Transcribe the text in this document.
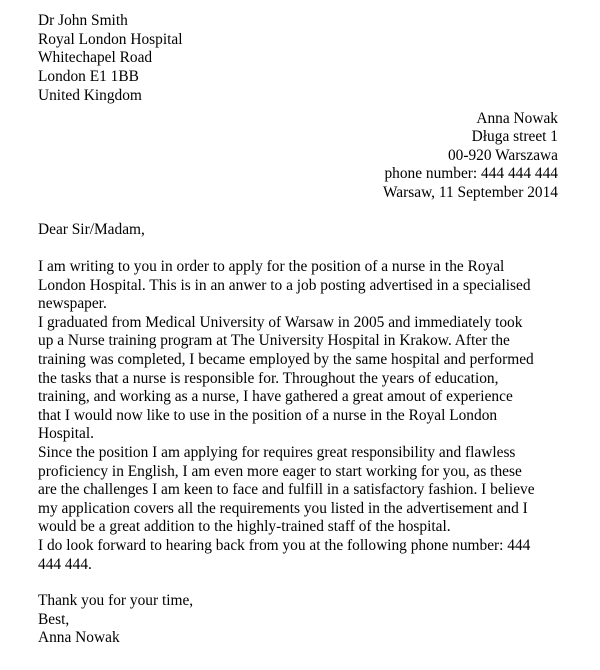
Dr John Smith
Royal London Hospital
Whitechapel Road
London E1 1BB
United Kingdom
Anna Nowak
Długa street 1
00-920 Warszawa
phone number: 444 444 444
Warsaw, 11 September 2014
Dear Sir/Madam,
I am writing to you in order to apply for the position of a nurse in the Royal
London Hospital. This is in an anwer to a job posting advertised in a specialised
newspaper.
I graduated from Medical University of Warsaw in 2005 and immediately took
up a Nurse training program at The University Hospital in Krakow. After the
training was completed, I became employed by the same hospital and performed
the tasks that a nurse is responsible for. Throughout the years of education,
training, and working as a nurse, I have gathered a great amout of experience
that I would now like to use in the position of a nurse in the Royal London
Hospital.
Since the position I am applying for requires great responsibility and flawless
proficiency in English, I am even more eager to start working for you, as these
are the challenges I am keen to face and fulfill in a satisfactory fashion. I believe
my application covers all the requirements you listed in the advertisement and I
would be a great addition to the highly-trained staff of the hospital.
I do look forward to hearing back from you at the following phone number: 444
444 444.
Thank you for your time,
Best,
Anna Nowak
